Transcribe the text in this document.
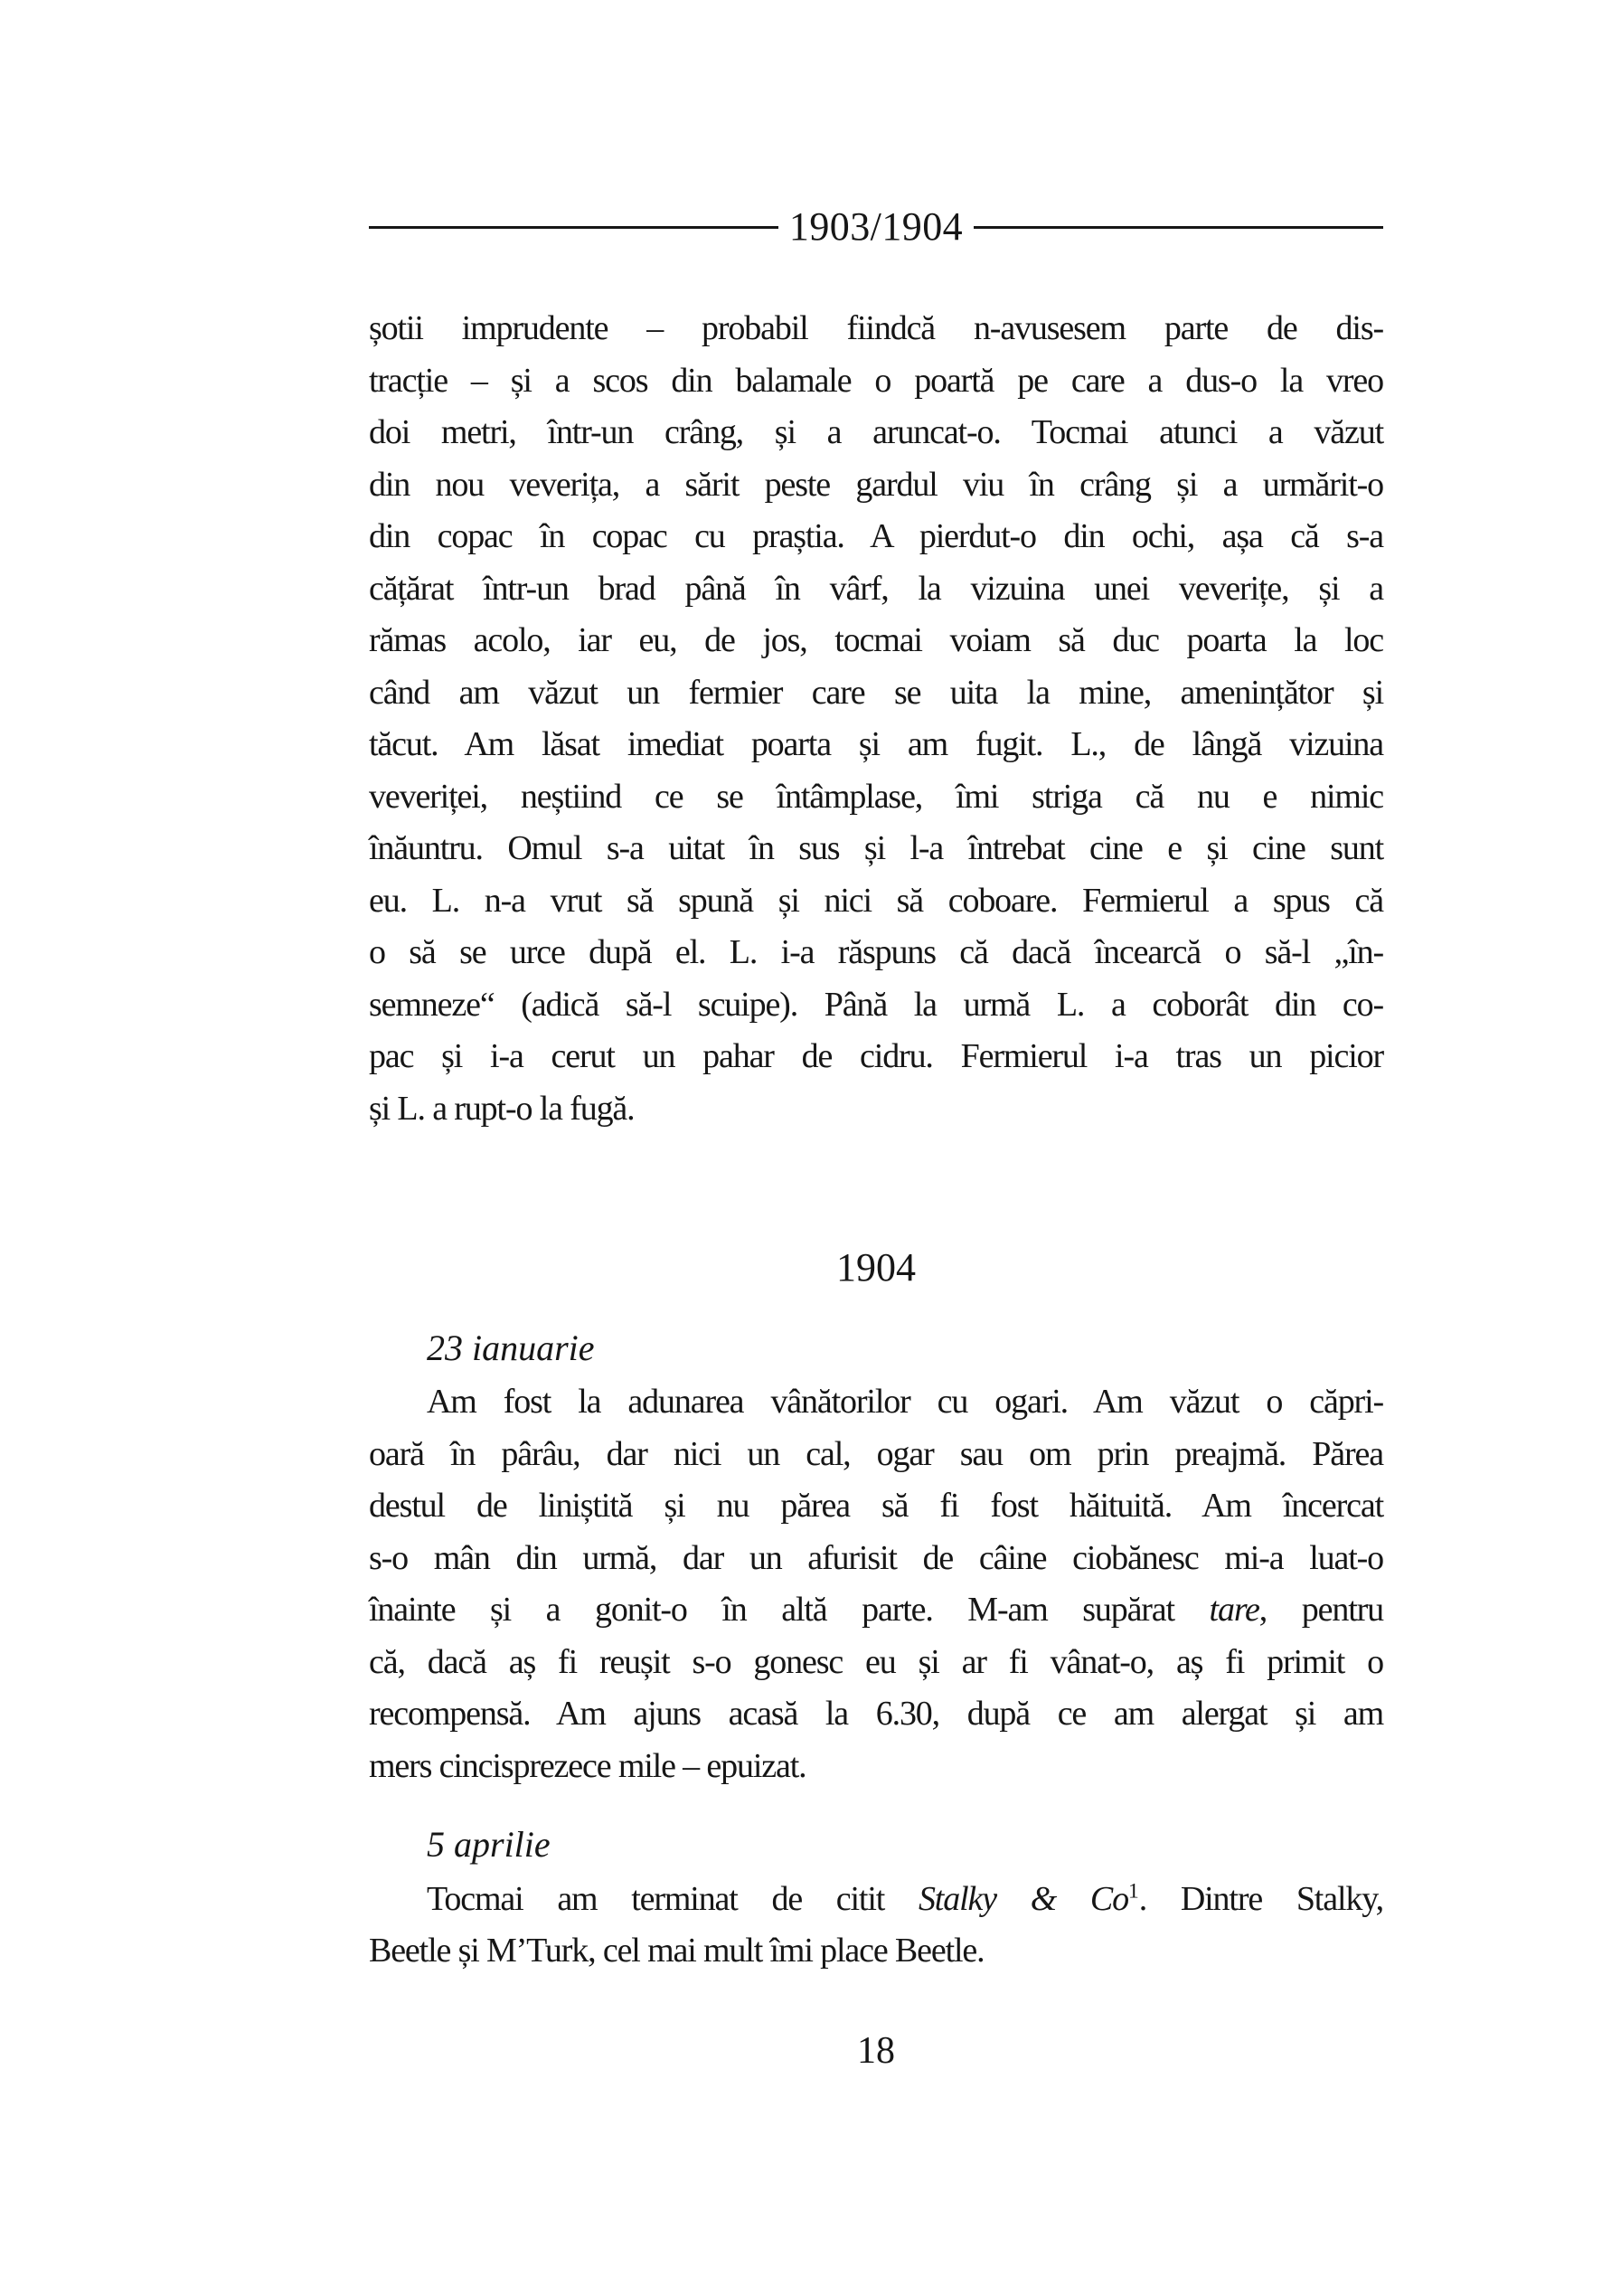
1903/1904
șotii imprudente – probabil fiindcă n-avusesem parte de dis-
tracție – și a scos din balamale o poartă pe care a dus-o la vreo
doi metri, într-un crâng, și a aruncat-o. Tocmai atunci a văzut
din nou veverița, a sărit peste gardul viu în crâng și a urmărit-o
din copac în copac cu praștia. A pierdut-o din ochi, așa că s-a
cățărat într-un brad până în vârf, la vizuina unei veverițe, și a
rămas acolo, iar eu, de jos, tocmai voiam să duc poarta la loc
când am văzut un fermier care se uita la mine, amenințător și
tăcut. Am lăsat imediat poarta și am fugit. L., de lângă vizuina
veveriței, neștiind ce se întâmplase, îmi striga că nu e nimic
înăuntru. Omul s-a uitat în sus și l-a întrebat cine e și cine sunt
eu. L. n-a vrut să spună și nici să coboare. Fermierul a spus că
o să se urce după el. L. i-a răspuns că dacă încearcă o să-l „în-
semneze“ (adică să-l scuipe). Până la urmă L. a coborât din co-
pac și i-a cerut un pahar de cidru. Fermierul i-a tras un picior
și L. a rupt-o la fugă.
1904
23 ianuarie
Am fost la adunarea vânătorilor cu ogari. Am văzut o căpri-
oară în pârâu, dar nici un cal, ogar sau om prin preajmă. Părea
destul de liniștită și nu părea să fi fost hăituită. Am încercat
s-o mân din urmă, dar un afurisit de câine ciobănesc mi-a luat-o
înainte și a gonit-o în altă parte. M-am supărat tare, pentru
că, dacă aș fi reușit s-o gonesc eu și ar fi vânat-o, aș fi primit o
recompensă. Am ajuns acasă la 6.30, după ce am alergat și am
mers cincisprezece mile – epuizat.
5 aprilie
Tocmai am terminat de citit Stalky & Co$^1$. Dintre Stalky,
Beetle și M’Turk, cel mai mult îmi place Beetle.
18
